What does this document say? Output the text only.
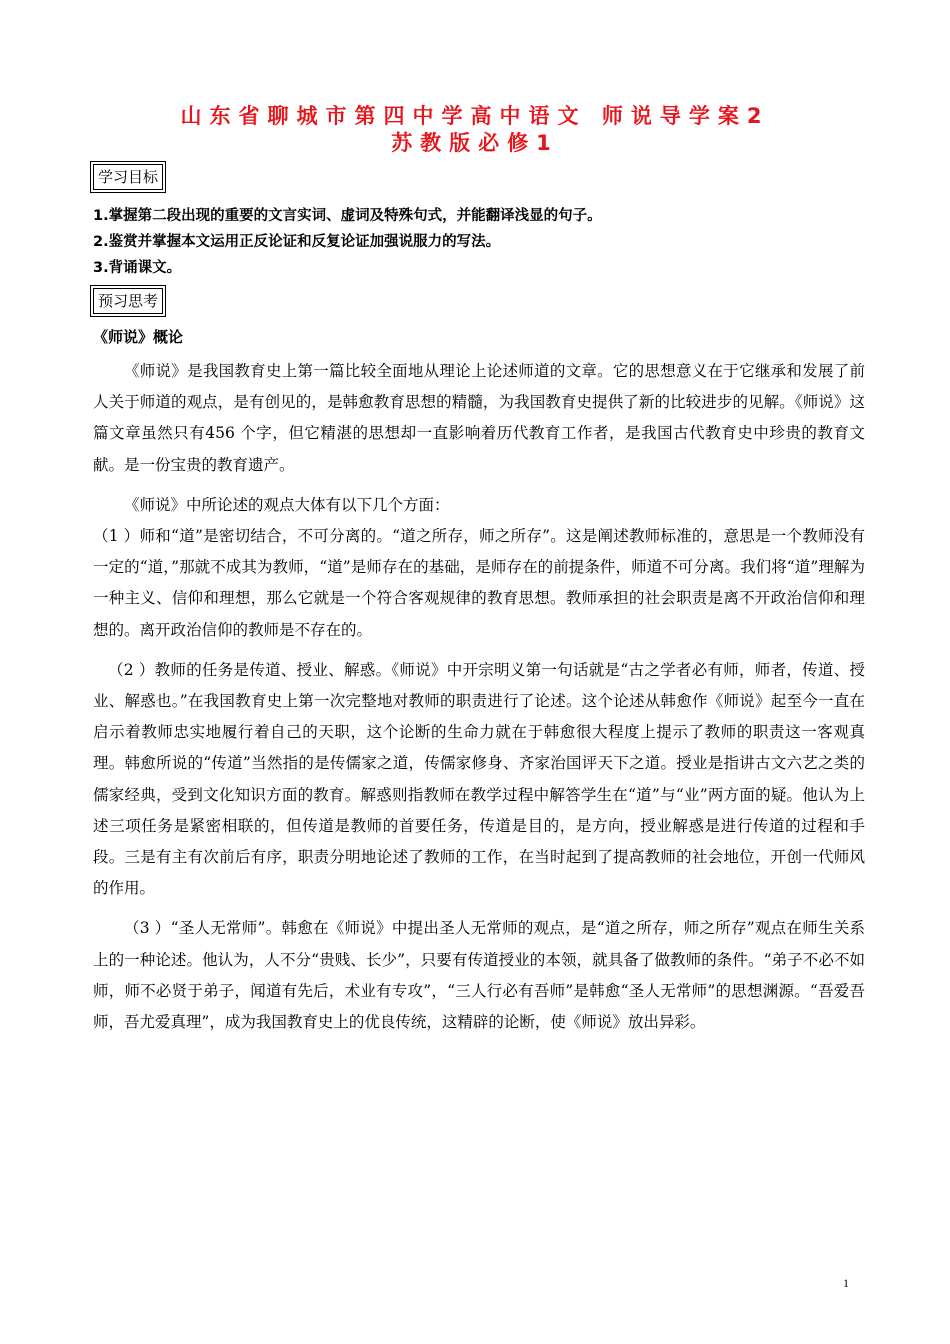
山东省聊城市第四中学高中语文 师说导学案2
苏教版必修1
学习目标
1.掌握第二段出现的重要的文言实词、虚词及特殊句式，并能翻译浅显的句子。
2.鉴赏并掌握本文运用正反论证和反复论证加强说服力的写法。
3.背诵课文。
预习思考
《师说》概论

《师说》是我国教育史上第一篇比较全面地从理论上论述师道的文章。它的思想意义在于它继承和发展了前人关于师道的观点，是有创见的，是韩愈教育思想的精髓，为我国教育史提供了新的比较进步的见解。《师说》这篇文章虽然只有456 个字，但它精湛的思想却一直影响着历代教育工作者，是我国古代教育史中珍贵的教育文献。是一份宝贵的教育遗产。

《师说》中所论述的观点大体有以下几个方面：

（1 ）师和“道”是密切结合，不可分离的。“道之所存，师之所存”。这是阐述教师标准的，意思是一个教师没有一定的“道，”那就不成其为教师，“道”是师存在的基础，是师存在的前提条件，师道不可分离。我们将“道”理解为一种主义、信仰和理想，那么它就是一个符合客观规律的教育思想。教师承担的社会职责是离不开政治信仰和理想的。离开政治信仰的教师是不存在的。

（2 ）教师的任务是传道、授业、解惑。《师说》中开宗明义第一句话就是“古之学者必有师，师者，传道、授业、解惑也。”在我国教育史上第一次完整地对教师的职责进行了论述。这个论述从韩愈作《师说》起至今一直在启示着教师忠实地履行着自己的天职，这个论断的生命力就在于韩愈很大程度上提示了教师的职责这一客观真理。韩愈所说的“传道”当然指的是传儒家之道，传儒家修身、齐家治国评天下之道。授业是指讲古文六艺之类的儒家经典，受到文化知识方面的教育。解惑则指教师在教学过程中解答学生在“道”与“业”两方面的疑。他认为上述三项任务是紧密相联的，但传道是教师的首要任务，传道是目的，是方向，授业解惑是进行传道的过程和手段。三是有主有次前后有序，职责分明地论述了教师的工作，在当时起到了提高教师的社会地位，开创一代师风的作用。

（3 ）“圣人无常师”。韩愈在《师说》中提出圣人无常师的观点，是“道之所存，师之所存”观点在师生关系上的一种论述。他认为，人不分“贵贱、长少”，只要有传道授业的本领，就具备了做教师的条件。“弟子不必不如师，师不必贤于弟子，闻道有先后，术业有专攻”，“三人行必有吾师”是韩愈“圣人无常师”的思想渊源。“吾爱吾师，吾尤爱真理”，成为我国教育史上的优良传统，这精辟的论断，使《师说》放出异彩。

1
